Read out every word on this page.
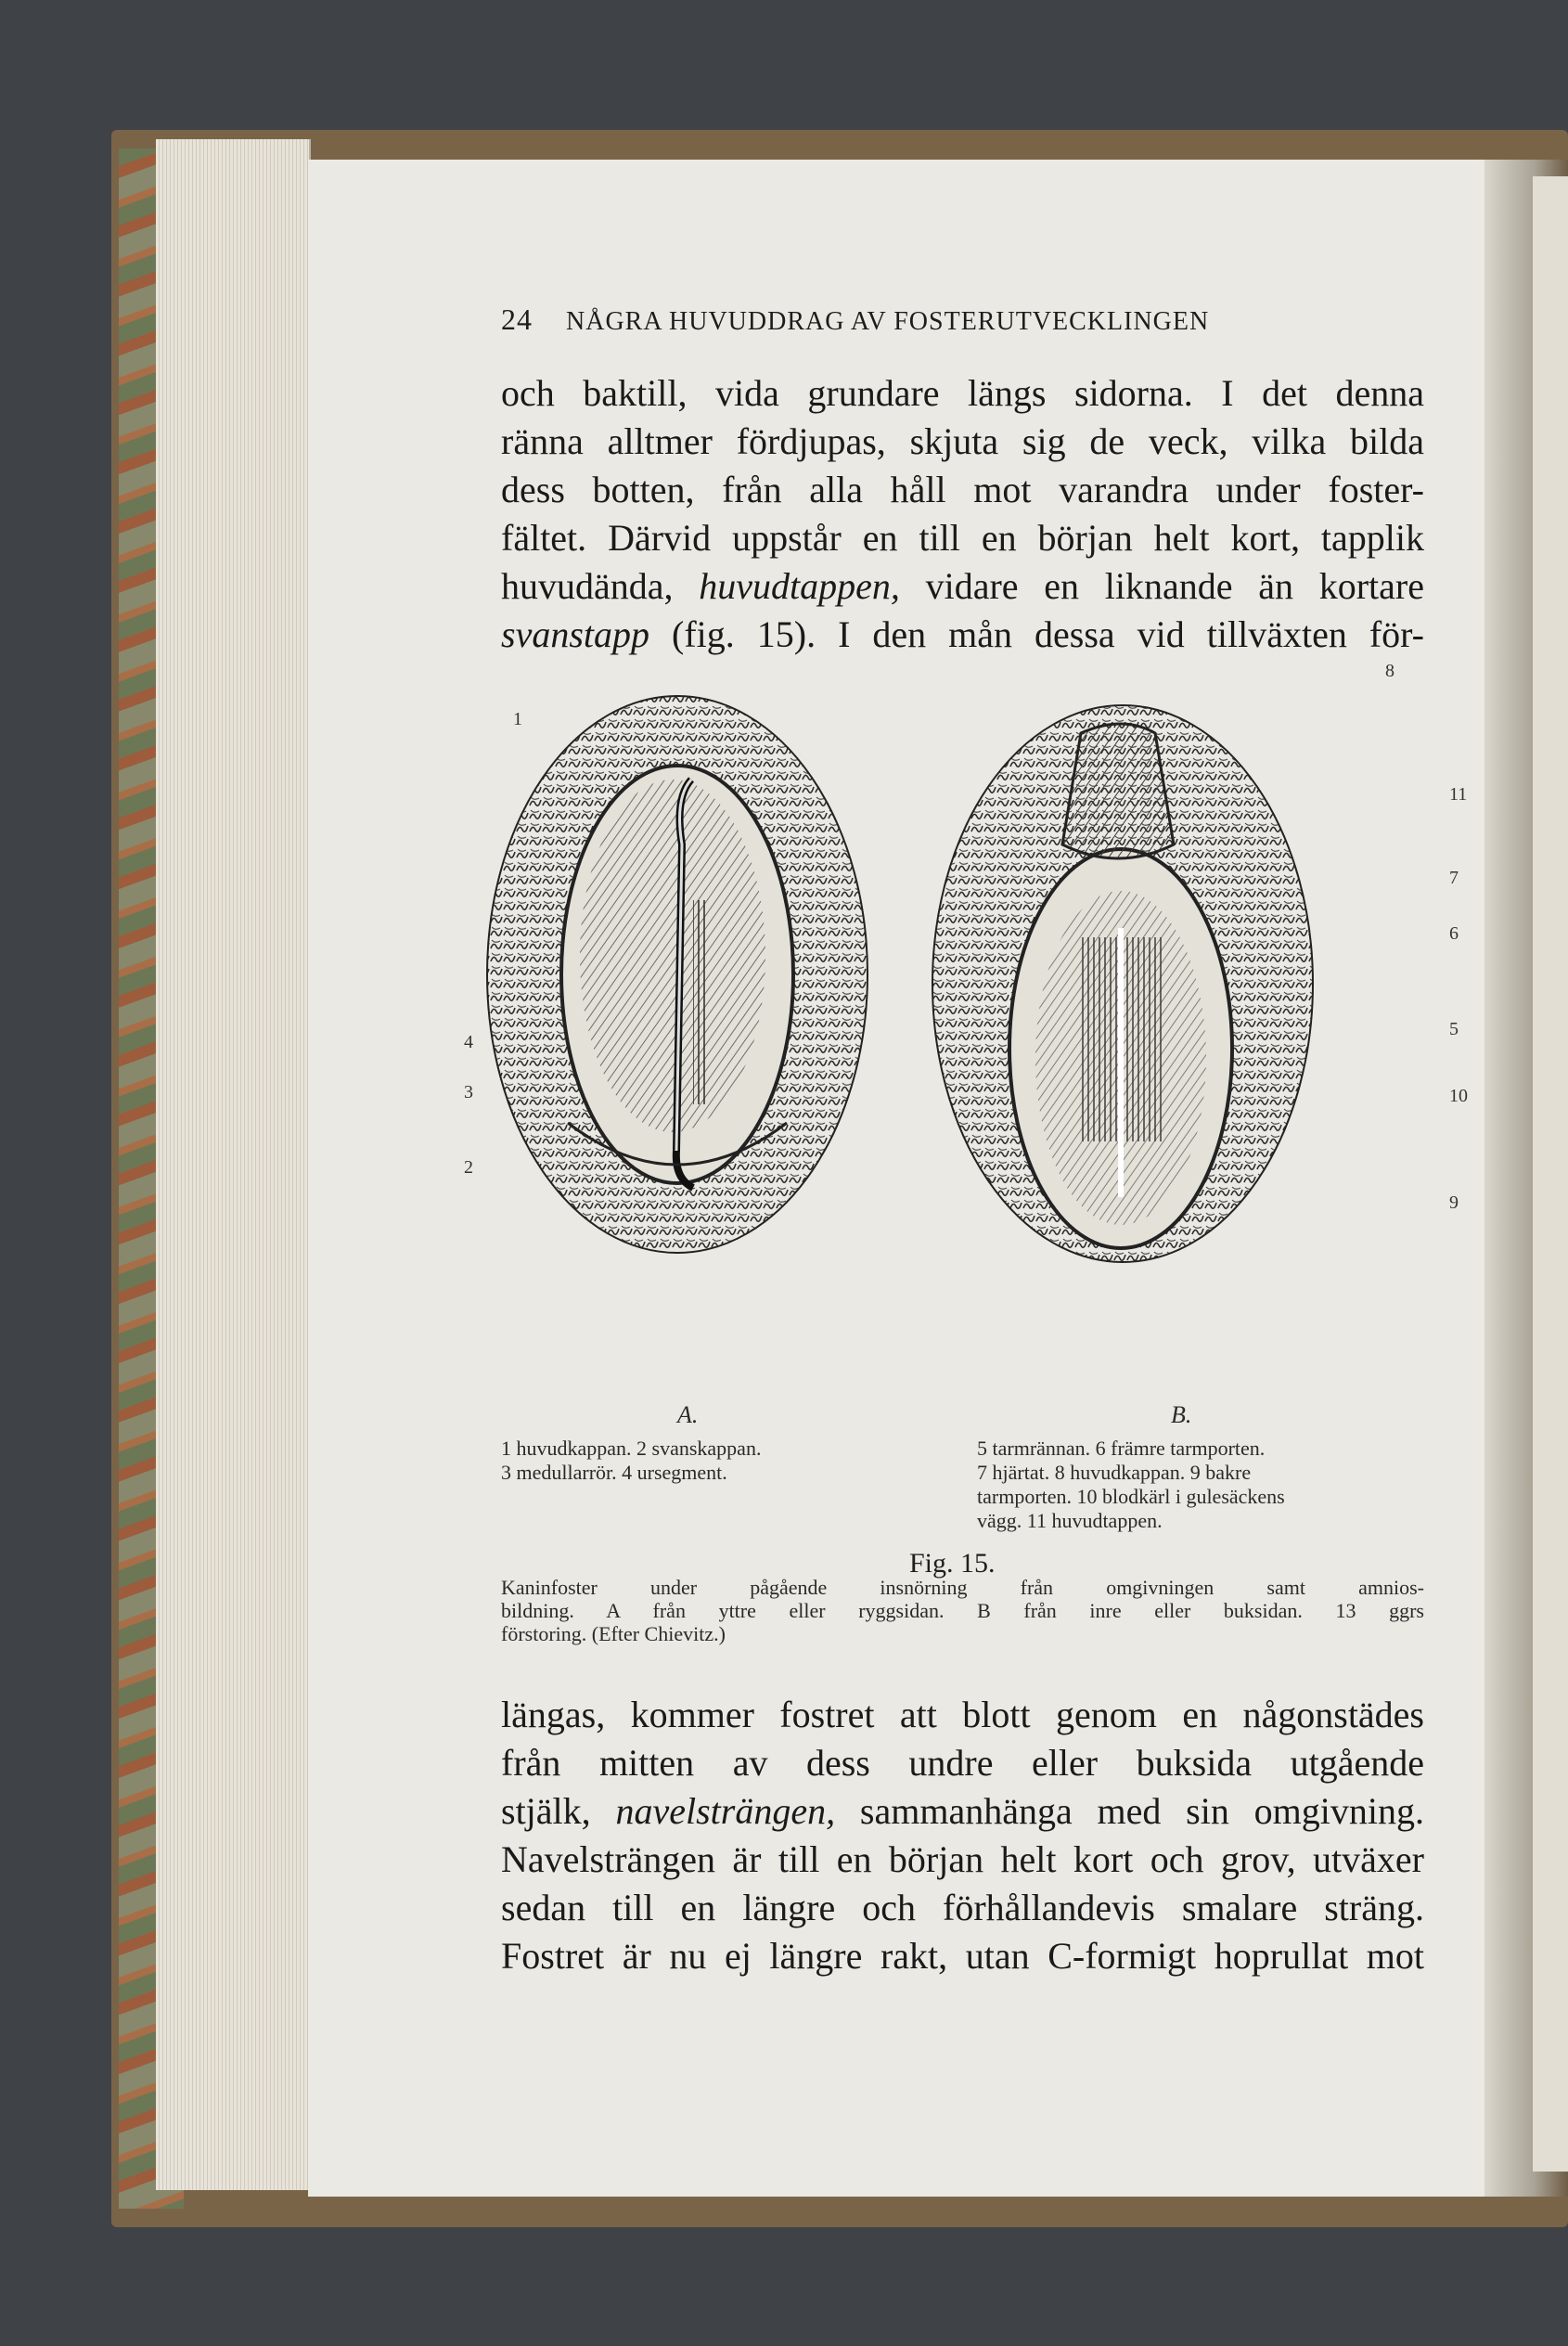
24 NÅGRA HUVUDDRAG AV FOSTERUTVECKLINGEN

och baktill, vida grundare längs sidorna. I det denna

ränna alltmer fördjupas, skjuta sig de veck, vilka bilda

dess botten, från alla håll mot varandra under foster-

fältet. Därvid uppstår en till en början helt kort, tapplik

huvudända, huvudtappen, vidare en liknande än kortare

svanstapp (fig. 15). I den mån dessa vid tillväxten för-

1
4
3
2
8
11
7
6
5
10
9
A.	B.
1 huvudkappan. 2 svanskappan.
3 medullarrör. 4 ursegment.
5 tarmrännan. 6 främre tarmporten.
7 hjärtat. 8 huvudkappan. 9 bakre
tarmporten. 10 blodkärl i gulesäckens
vägg. 11 huvudtappen.
Fig. 15.
Kaninfoster under pågående insnörning från omgivningen samt amnios-
bildning. A från yttre eller ryggsidan. B från inre eller buksidan. 13 ggrs
förstoring. (Efter Chievitz.)

längas, kommer fostret att blott genom en någonstädes

från mitten av dess undre eller buksida utgående

stjälk, navelsträngen, sammanhänga med sin omgivning.

Navelsträngen är till en början helt kort och grov, utväxer

sedan till en längre och förhållandevis smalare sträng.

Fostret är nu ej längre rakt, utan C-formigt hoprullat mot
